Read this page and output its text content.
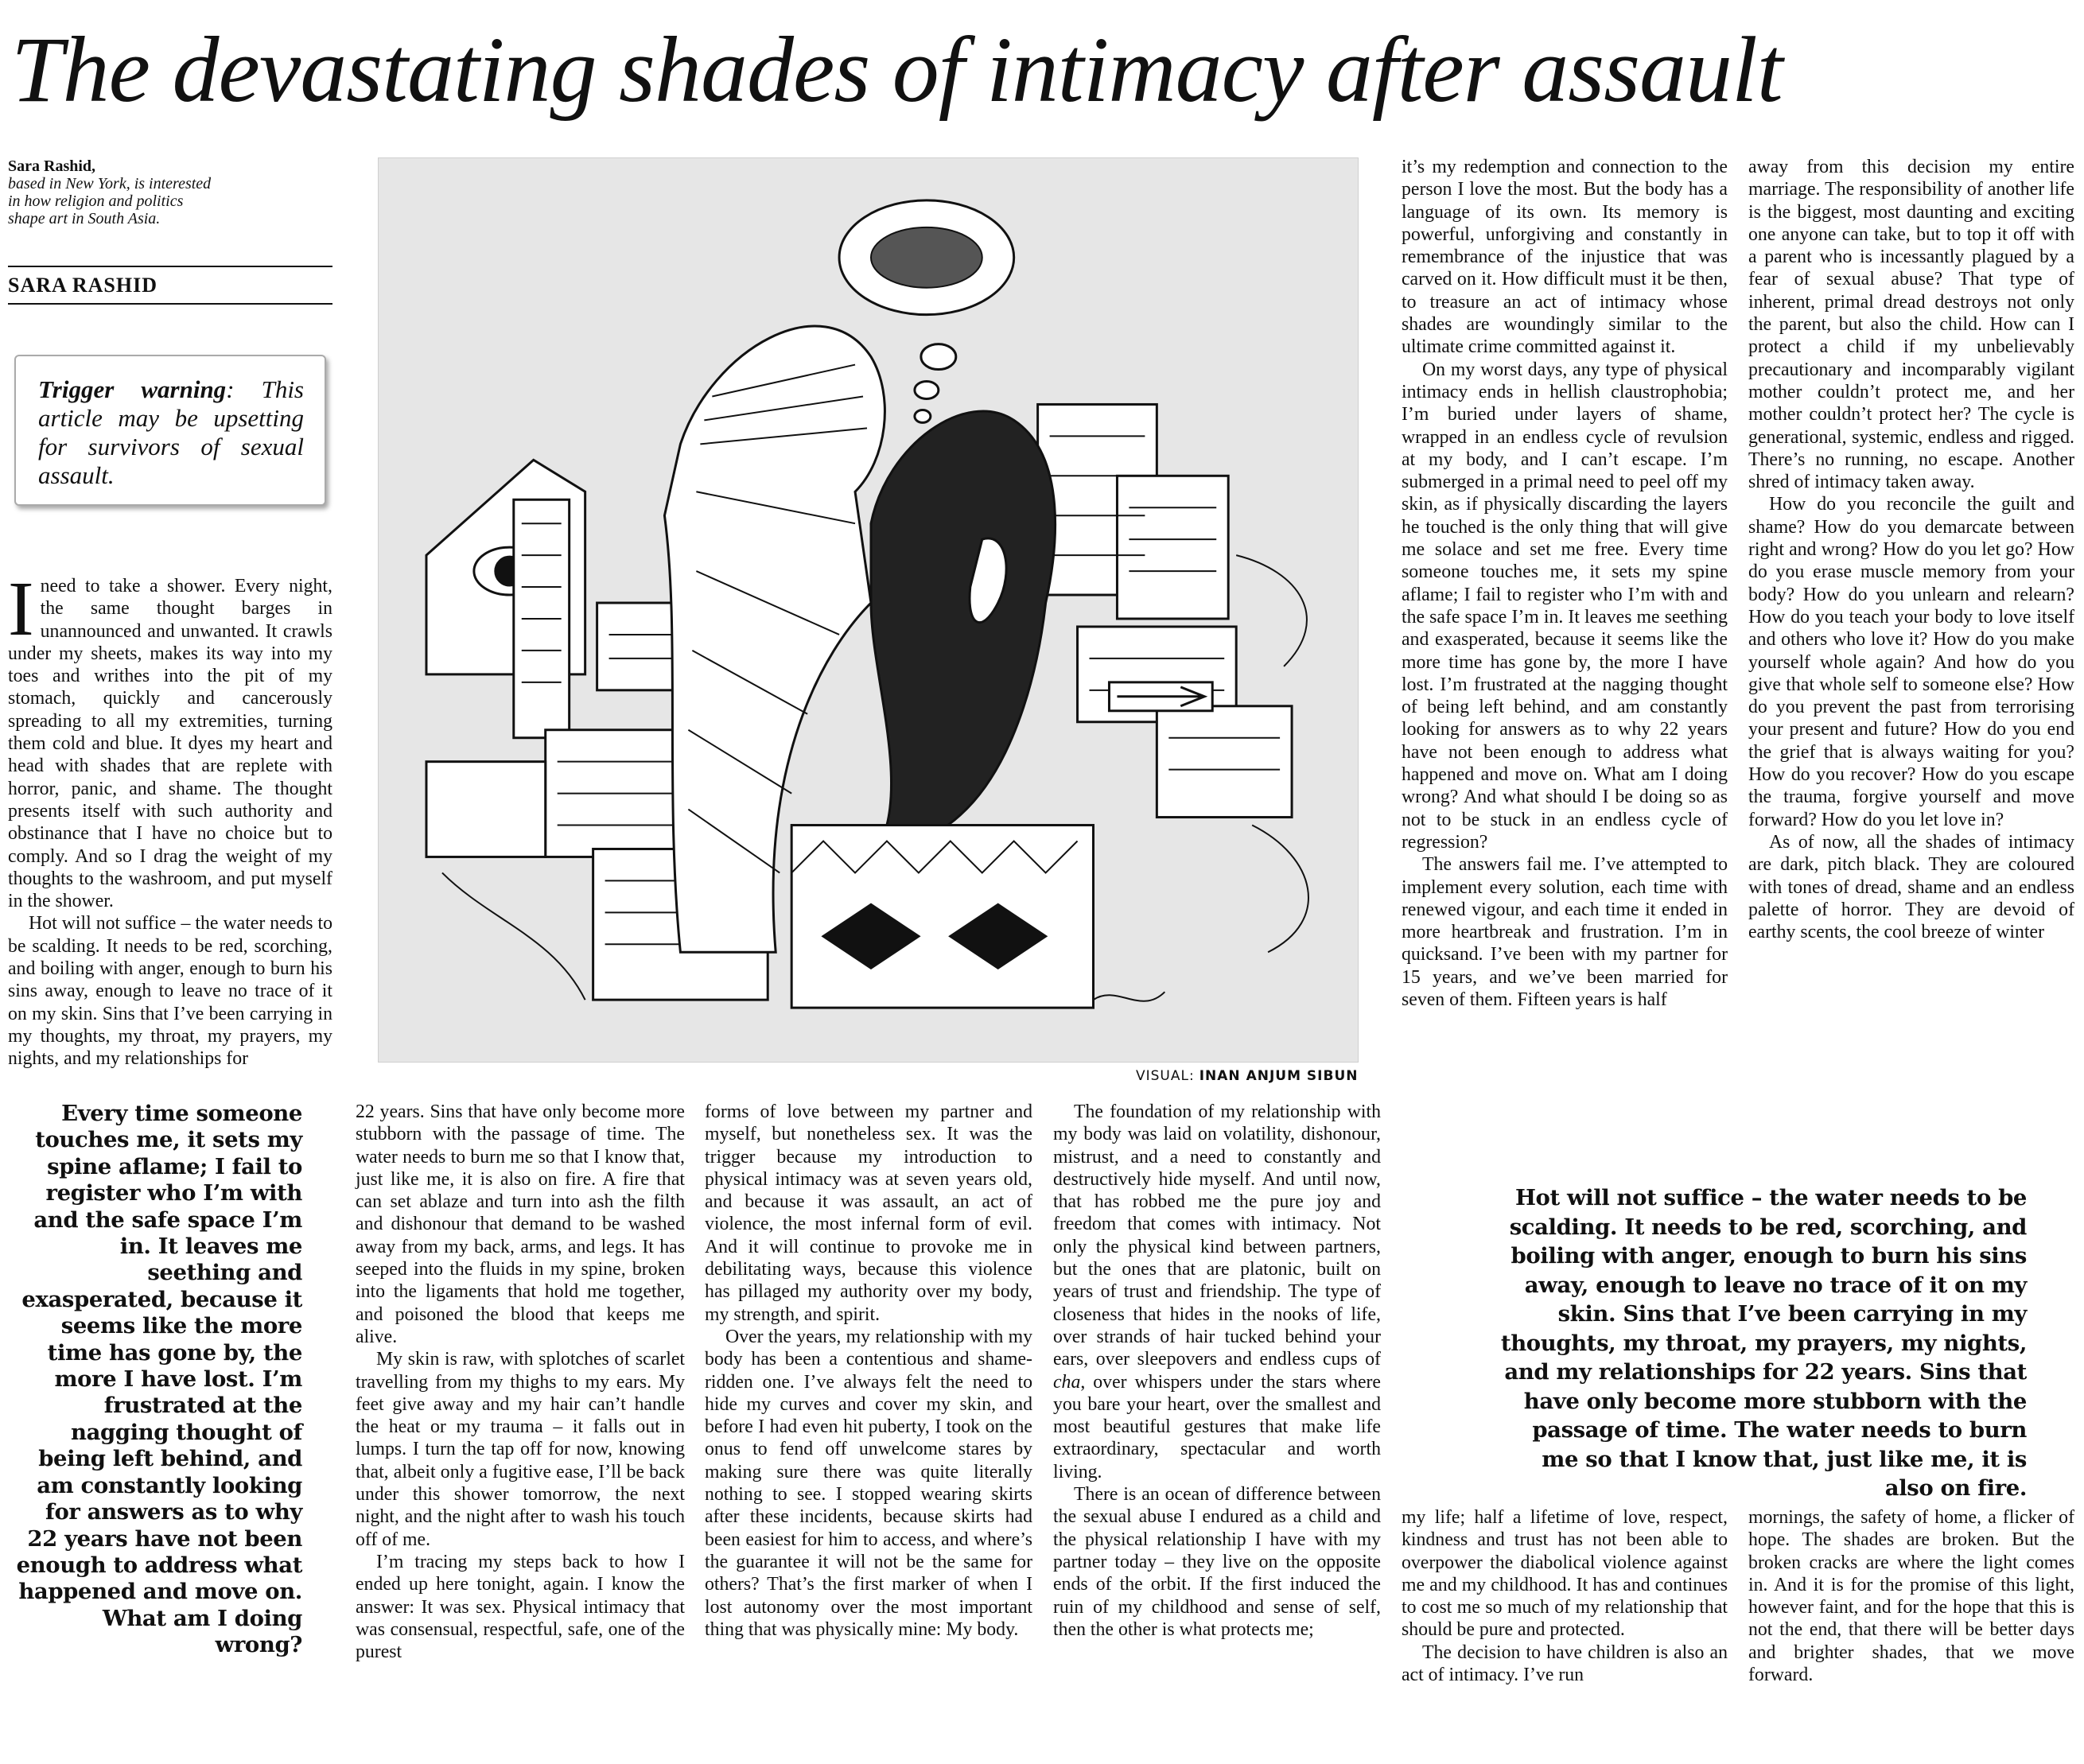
The devastating shades of intimacy after assault
Sara Rashid,
based in New York, is interested in how religion and politics shape art in South Asia.
SARA RASHID

Trigger warning: This article may be upsetting for survivors of sexual assault.

Ineed to take a shower. Every night, the same thought barges in unannounced and unwanted. It crawls under my sheets, makes its way into my toes and writhes into the pit of my stomach, quickly and cancerously spreading to all my extremities, turning them cold and blue. It dyes my heart and head with shades that are replete with horror, panic, and shame. The thought presents itself with such authority and obstinance that I have no choice but to comply. And so I drag the weight of my thoughts to the washroom, and put myself in the shower.

Hot will not suffice – the water needs to be scalding. It needs to be red, scorching, and boiling with anger, enough to burn his sins away, enough to leave no trace of it on my skin. Sins that I’ve been carrying in my thoughts, my throat, my prayers, my nights, and my relationships for

VISUAL: INAN ANJUM SIBUN

it’s my redemption and connection to the person I love the most. But the body has a language of its own. Its memory is powerful, unforgiving and constantly in remembrance of the injustice that was carved on it. How difficult must it be then, to treasure an act of intimacy whose shades are woundingly similar to the ultimate crime committed against it.

On my worst days, any type of physical intimacy ends in hellish claustrophobia; I’m buried under layers of shame, wrapped in an endless cycle of revulsion at my body, and I can’t escape. I’m submerged in a primal need to peel off my skin, as if physically discarding the layers he touched is the only thing that will give me solace and set me free. Every time someone touches me, it sets my spine aflame; I fail to register who I’m with and the safe space I’m in. It leaves me seething and exasperated, because it seems like the more time has gone by, the more I have lost. I’m frustrated at the nagging thought of being left behind, and am constantly looking for answers as to why 22 years have not been enough to address what happened and move on. What am I doing wrong? And what should I be doing so as not to be stuck in an endless cycle of regression?

The answers fail me. I’ve attempted to implement every solution, each time with renewed vigour, and each time it ended in more heartbreak and frustration. I’m in quicksand. I’ve been with my partner for 15 years, and we’ve been married for seven of them. Fifteen years is half

away from this decision my entire marriage. The responsibility of another life is the biggest, most daunting and exciting one anyone can take, but to top it off with a parent who is incessantly plagued by a fear of sexual abuse? That type of inherent, primal dread destroys not only the parent, but also the child. How can I protect a child if my unbelievably precautionary and incomparably vigilant mother couldn’t protect me, and her mother couldn’t protect her? The cycle is generational, systemic, endless and rigged. There’s no running, no escape. Another shred of intimacy taken away.

How do you reconcile the guilt and shame? How do you demarcate between right and wrong? How do you let go? How do you erase muscle memory from your body? How do you unlearn and relearn? How do you teach your body to love itself and others who love it? How do you make yourself whole again? And how do you give that whole self to someone else? How do you prevent the past from terrorising your present and future? How do you end the grief that is always waiting for you? How do you recover? How do you escape the trauma, forgive yourself and move forward? How do you let love in?

As of now, all the shades of intimacy are dark, pitch black. They are coloured with tones of dread, shame and an endless palette of horror. They are devoid of earthy scents, the cool breeze of winter

Every time someone touches me, it sets my spine aflame; I fail to register who I’m with and the safe space I’m in. It leaves me seething and exasperated, because it seems like the more time has gone by, the more I have lost. I’m frustrated at the nagging thought of being left behind, and am constantly looking for answers as to why 22 years have not been enough to address what happened and move on. What am I doing wrong?

22 years. Sins that have only become more stubborn with the passage of time. The water needs to burn me so that I know that, just like me, it is also on fire. A fire that can set ablaze and turn into ash the filth and dishonour that demand to be washed away from my back, arms, and legs. It has seeped into the fluids in my spine, broken into the ligaments that hold me together, and poisoned the blood that keeps me alive.

My skin is raw, with splotches of scarlet travelling from my thighs to my ears. My feet give away and my hair can’t handle the heat or my trauma – it falls out in lumps. I turn the tap off for now, knowing that, albeit only a fugitive ease, I’ll be back under this shower tomorrow, the next night, and the night after to wash his touch off of me.

I’m tracing my steps back to how I ended up here tonight, again. I know the answer: It was sex. Physical intimacy that was consensual, respectful, safe, one of the purest

forms of love between my partner and myself, but nonetheless sex. It was the trigger because my introduction to physical intimacy was at seven years old, and because it was assault, an act of violence, the most infernal form of evil. And it will continue to provoke me in debilitating ways, because this violence has pillaged my authority over my body, my strength, and spirit.

Over the years, my relationship with my body has been a contentious and shame-ridden one. I’ve always felt the need to hide my curves and cover my skin, and before I had even hit puberty, I took on the onus to fend off unwelcome stares by making sure there was quite literally nothing to see. I stopped wearing skirts after these incidents, because skirts had been easiest for him to access, and where’s the guarantee it will not be the same for others? That’s the first marker of when I lost autonomy over the most important thing that was physically mine: My body.

The foundation of my relationship with my body was laid on volatility, dishonour, mistrust, and a need to constantly and destructively hide myself. And until now, that has robbed me the pure joy and freedom that comes with intimacy. Not only the physical kind between partners, but the ones that are platonic, built on years of trust and friendship. The type of closeness that hides in the nooks of life, over strands of hair tucked behind your ears, over sleepovers and endless cups of cha, over whispers under the stars where you bare your heart, over the smallest and most beautiful gestures that make life extraordinary, spectacular and worth living.

There is an ocean of difference between the sexual abuse I endured as a child and the physical relationship I have with my partner today – they live on the opposite ends of the orbit. If the first induced the ruin of my childhood and sense of self, then the other is what protects me;

Hot will not suffice – the water needs to be scalding. It needs to be red, scorching, and boiling with anger, enough to burn his sins away, enough to leave no trace of it on my skin. Sins that I’ve been carrying in my thoughts, my throat, my prayers, my nights, and my relationships for 22 years. Sins that have only become more stubborn with the passage of time. The water needs to burn me so that I know that, just like me, it is also on fire.

my life; half a lifetime of love, respect, kindness and trust has not been able to overpower the diabolical violence against me and my childhood. It has and continues to cost me so much of my relationship that should be pure and protected.

The decision to have children is also an act of intimacy. I’ve run

mornings, the safety of home, a flicker of hope. The shades are broken. But the broken cracks are where the light comes in. And it is for the promise of this light, however faint, and for the hope that this is not the end, that there will be better days and brighter shades, that we move forward.
